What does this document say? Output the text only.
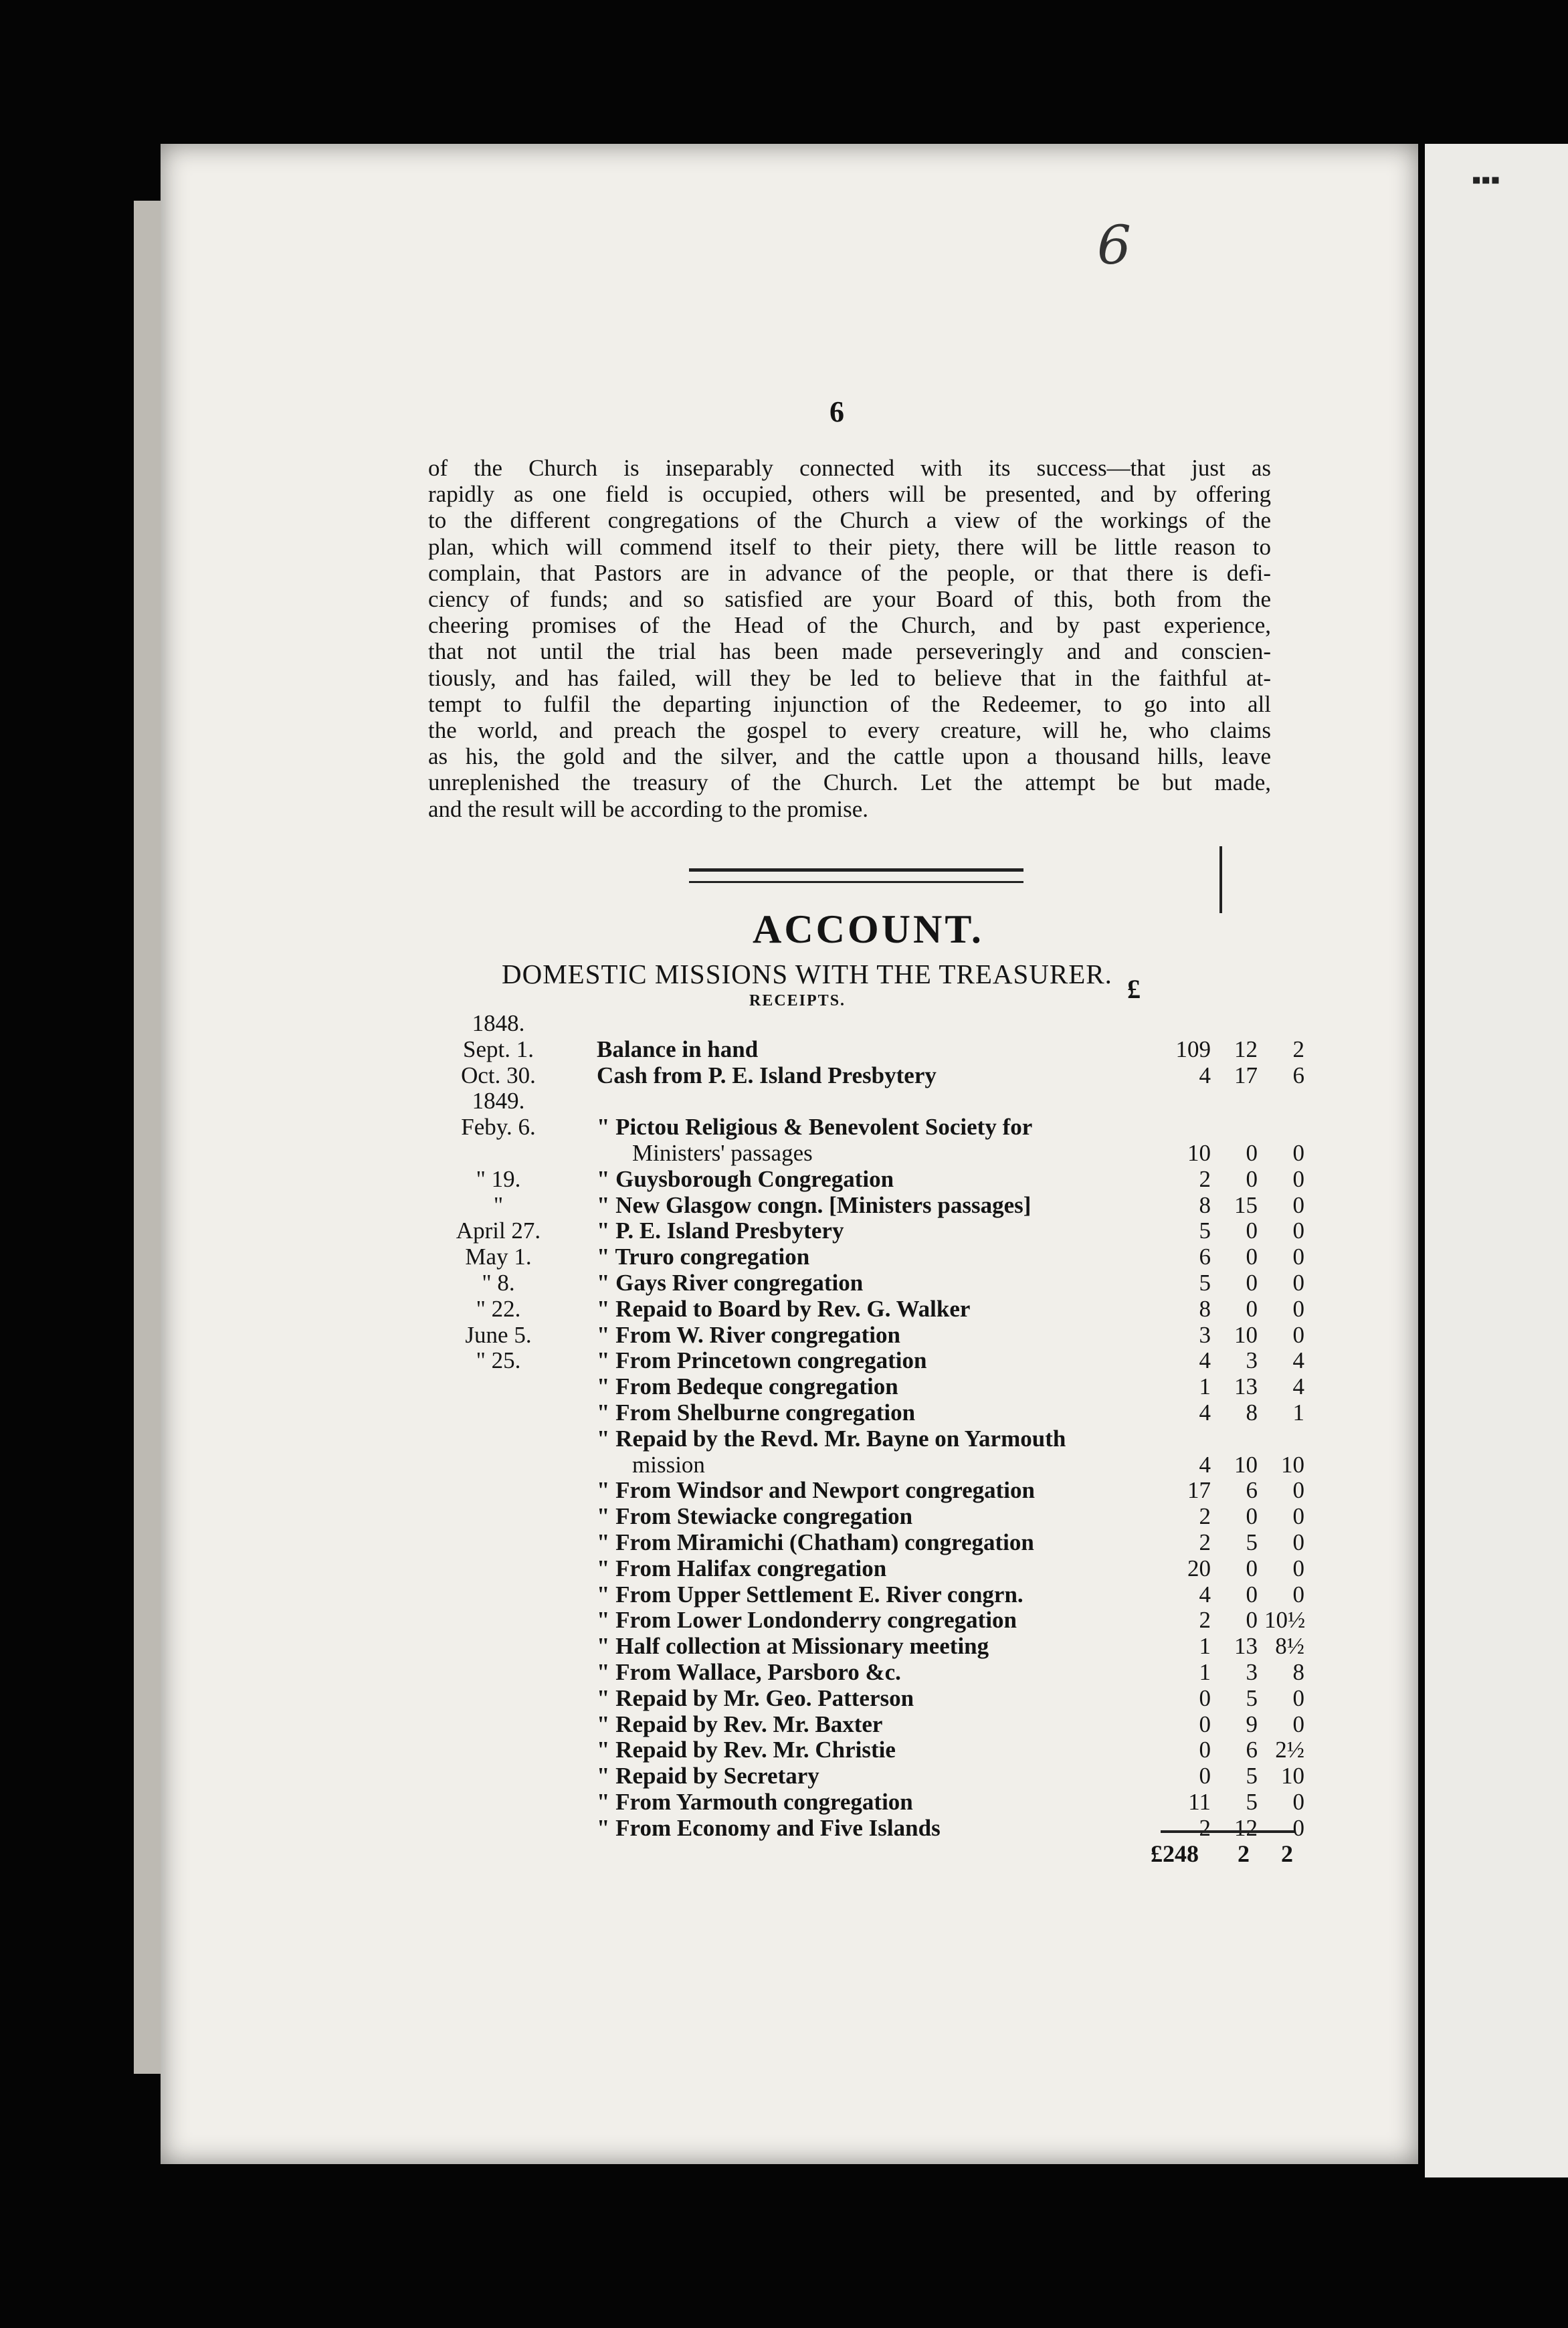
▪▪▪
6
6
of the Church is inseparably connected with its success—that just as
rapidly as one field is occupied, others will be presented, and by offering
to the different congregations of the Church a view of the workings of the
plan, which will commend itself to their piety, there will be little reason to
complain, that Pastors are in advance of the people, or that there is defi-
ciency of funds; and so satisfied are your Board of this, both from the
cheering promises of the Head of the Church, and by past experience,
that not until the trial has been made perseveringly and and conscien-
tiously, and has failed, will they be led to believe that in the faithful at-
tempt to fulfil the departing injunction of the Redeemer, to go into all
the world, and preach the gospel to every creature, will he, who claims
as his, the gold and the silver, and the cattle upon a thousand hills, leave
unreplenished the treasury of the Church. Let the attempt be but made,
and the result will be according to the promise.
ACCOUNT.
DOMESTIC MISSIONS WITH THE TREASURER. £
RECEIPTS.
1848.
Sept. 1.	Balance in hand	109	12	2
Oct. 30.	Cash from P. E. Island Presbytery	4	17	6
1849.
Feby. 6.	" Pictou Religious & Benevolent Society for
Ministers' passages	10	0	0
" 19.	" Guysborough Congregation	2	0	0
"	" New Glasgow congn. [Ministers passages]	8	15	0
April 27.	" P. E. Island Presbytery	5	0	0
May 1.	" Truro congregation	6	0	0
" 8.	" Gays River congregation	5	0	0
" 22.	" Repaid to Board by Rev. G. Walker	8	0	0
June 5.	" From W. River congregation	3	10	0
" 25.	" From Princetown congregation	4	3	4
" From Bedeque congregation	1	13	4
" From Shelburne congregation	4	8	1
" Repaid by the Revd. Mr. Bayne on Yarmouth
mission	4	10	10
" From Windsor and Newport congregation	17	6	0
" From Stewiacke congregation	2	0	0
" From Miramichi (Chatham) congregation	2	5	0
" From Halifax congregation	20	0	0
" From Upper Settlement E. River congrn.	4	0	0
" From Lower Londonderry congregation	2	0 10½
" Half collection at Missionary meeting	1	13 8½
" From Wallace, Parsboro &c.	1	3	8
" Repaid by Mr. Geo. Patterson	0	5	0
" Repaid by Rev. Mr. Baxter	0	9	0
" Repaid by Rev. Mr. Christie	0	6 2½
" Repaid by Secretary	0	5	10
" From Yarmouth congregation	11	5	0
" From Economy and Five Islands	2	12	0
£248 2 2
